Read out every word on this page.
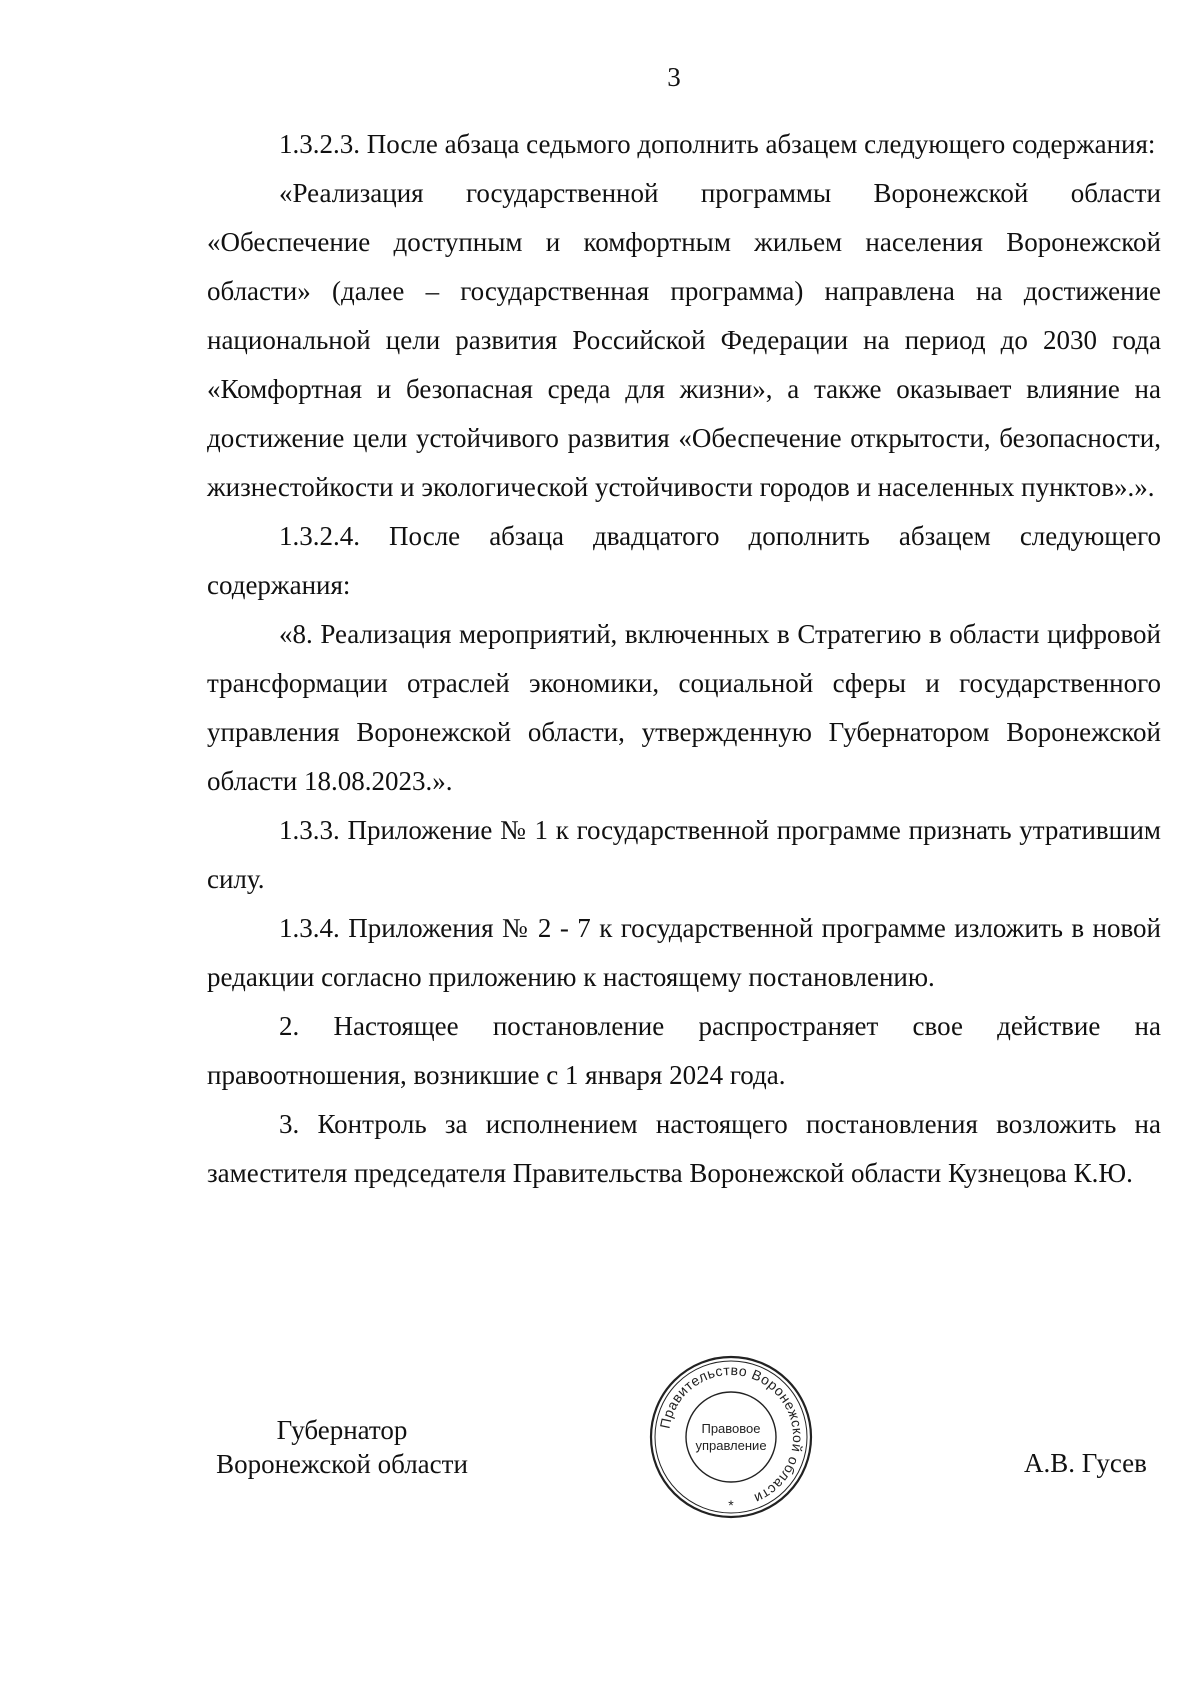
3

1.3.2.3. После абзаца седьмого дополнить абзацем следующего содержания:

«Реализация государственной программы Воронежской области «Обеспечение доступным и комфортным жильем населения Воронежской области» (далее – государственная программа) направлена на достижение национальной цели развития Российской Федерации на период до 2030 года «Комфортная и безопасная среда для жизни», а также оказывает влияние на достижение цели устойчивого развития «Обеспечение открытости, безопасности, жизнестойкости и экологической устойчивости городов и населенных пунктов».».

1.3.2.4. После абзаца двадцатого дополнить абзацем следующего содержания:

«8. Реализация мероприятий, включенных в Стратегию в области цифровой трансформации отраслей экономики, социальной сферы и государственного управления Воронежской области, утвержденную Губернатором Воронежской области 18.08.2023.».

1.3.3. Приложение № 1 к государственной программе признать утратившим силу.

1.3.4. Приложения № 2 - 7 к государственной программе изложить в новой редакции согласно приложению к настоящему постановлению.

2. Настоящее постановление распространяет свое действие на правоотношения, возникшие с 1 января 2024 года.

3. Контроль за исполнением настоящего постановления возложить на заместителя председателя Правительства Воронежской области Кузнецова К.Ю.

Губернатор
Воронежской области	А.В. Гусев
Правительство Воронежской области
Правовое
управление
*
